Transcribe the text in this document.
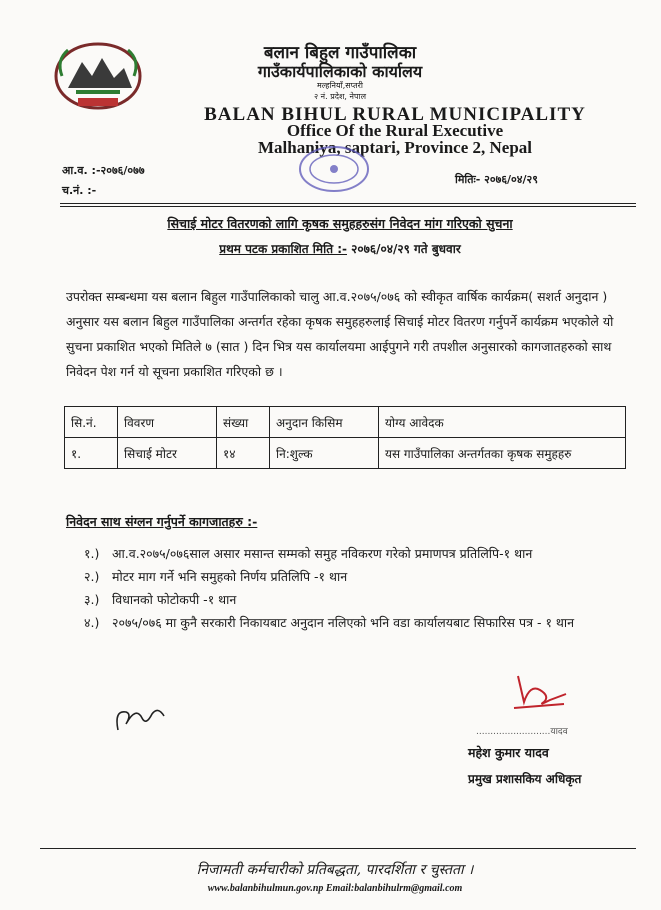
बलान बिहुल गाउँपालिका
गाउँकार्यपालिकाको कार्यालय
मल्हनियाँ,सप्तरी
२ नं. प्रदेश, नेपाल
BALAN BIHUL RURAL MUNICIPALITY
Office Of the Rural Executive
Malhaniya, saptari, Province 2, Nepal
आ.व. :-२०७६/०७७
च.नं. :-
मितिः- २०७६/०४/२९
सिचाई मोटर वितरणको लागि कृषक समुहहरुसंग निवेदन मांग गरिएको सुचना
प्रथम पटक प्रकाशित मिति :- २०७६/०४/२९ गते बुधवार
उपरोक्त सम्बन्धमा यस बलान बिहुल गाउँपालिकाको चालु आ.व.२०७५/०७६ को स्वीकृत वार्षिक कार्यक्रम( सशर्त अनुदान ) अनुसार यस बलान बिहुल गाउँपालिका अन्तर्गत रहेका कृषक समुहहरुलाई सिचाई मोटर वितरण गर्नुपर्ने कार्यक्रम भएकोले यो सुचना प्रकाशित भएको मितिले ७ (सात ) दिन भित्र यस कार्यालयमा आईपुगने गरी तपशील अनुसारको कागजातहरुको साथ निवेदन पेश गर्न यो सूचना प्रकाशित गरिएको छ ।
सि.नं.	विवरण	संख्या	अनुदान किसिम	योग्य आवेदक
१.	सिचाई मोटर	१४	नि:शुल्क	यस गाउँपालिका अन्तर्गतका कृषक समुहहरु
निवेदन साथ संग्लन गर्नुपर्ने कागजातहरु :-
१.)	आ.व.२०७५/०७६साल असार मसान्त सम्मको समुह नविकरण गरेको प्रमाणपत्र प्रतिलिपि-१ थान
२.)	मोटर माग गर्ने भनि समुहको निर्णय प्रतिलिपि -१ थान
३.)	विधानको फोटोकपी -१ थान
४.)	२०७५/०७६ मा कुनै सरकारी निकायबाट अनुदान नलिएको भनि वडा कार्यालयबाट सिफारिस पत्र - १ थान
..........................यादव
महेश कुमार यादव
प्रमुख प्रशासकिय अधिकृत
निजामती कर्मचारीको प्रतिबद्धता, पारदर्शिता र चुस्तता ।
www.balanbihulmun.gov.np Email:balanbihulrm@gmail.com
